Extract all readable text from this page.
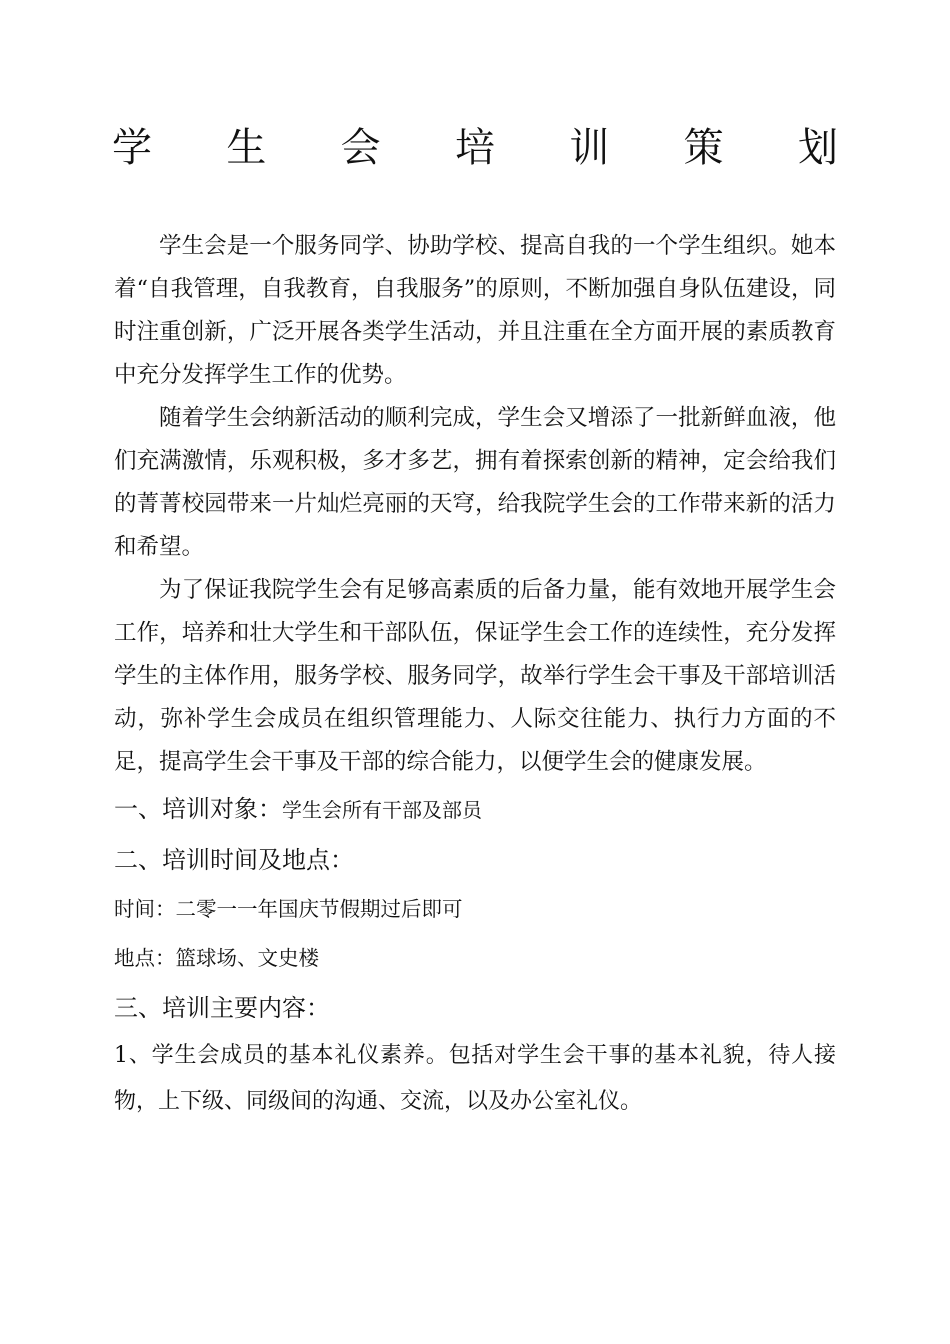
学 生 会 培 训 策 划

学生会是一个服务同学、协助学校、提高自我的一个学生组织。她本着“自我管理，自我教育，自我服务”的原则，不断加强自身队伍建设，同时注重创新，广泛开展各类学生活动，并且注重在全方面开展的素质教育中充分发挥学生工作的优势。

随着学生会纳新活动的顺利完成，学生会又增添了一批新鲜血液，他们充满激情，乐观积极，多才多艺，拥有着探索创新的精神，定会给我们的菁菁校园带来一片灿烂亮丽的天穹，给我院学生会的工作带来新的活力和希望。

为了保证我院学生会有足够高素质的后备力量，能有效地开展学生会工作，培养和壮大学生和干部队伍，保证学生会工作的连续性，充分发挥学生的主体作用，服务学校、服务同学，故举行学生会干事及干部培训活动，弥补学生会成员在组织管理能力、人际交往能力、执行力方面的不足，提高学生会干事及干部的综合能力，以便学生会的健康发展。

一、培训对象：学生会所有干部及部员

二、培训时间及地点：

时间：二零一一年国庆节假期过后即可

地点：篮球场、文史楼

三、培训主要内容：

1、学生会成员的基本礼仪素养。包括对学生会干事的基本礼貌，待人接物，上下级、同级间的沟通、交流，以及办公室礼仪。
